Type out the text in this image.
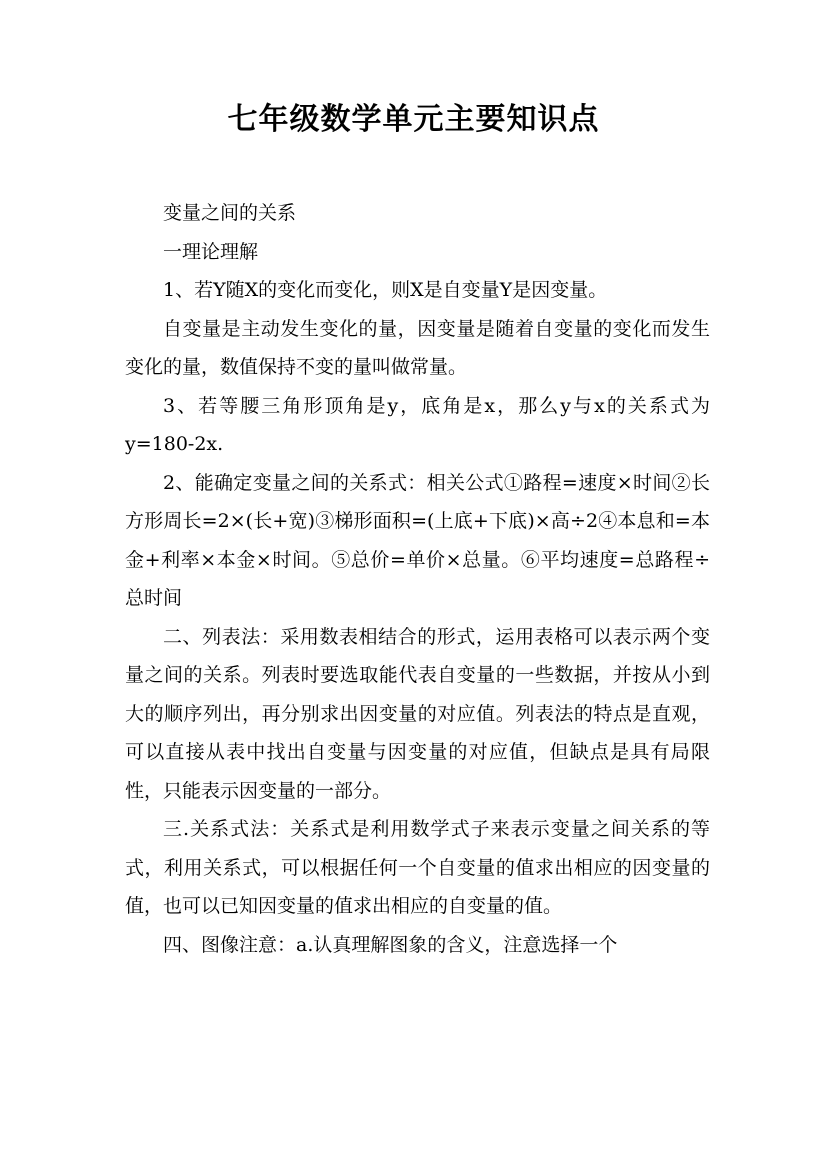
七年级数学单元主要知识点

变量之间的关系

一理论理解

1、若Y随X的变化而变化，则X是自变量Y是因变量。

自变量是主动发生变化的量，因变量是随着自变量的变化而发生变化的量，数值保持不变的量叫做常量。

3、若等腰三角形顶角是y，底角是x，那么y与x的关系式为y=180-2x.

2、能确定变量之间的关系式：相关公式①路程=速度×时间②长方形周长=2×(长+宽)③梯形面积=(上底+下底)×高÷2④本息和=本金+利率×本金×时间。⑤总价=单价×总量。⑥平均速度=总路程÷总时间

二、列表法：采用数表相结合的形式，运用表格可以表示两个变量之间的关系。列表时要选取能代表自变量的一些数据，并按从小到大的顺序列出，再分别求出因变量的对应值。列表法的特点是直观，可以直接从表中找出自变量与因变量的对应值，但缺点是具有局限性，只能表示因变量的一部分。

三.关系式法：关系式是利用数学式子来表示变量之间关系的等式，利用关系式，可以根据任何一个自变量的值求出相应的因变量的值，也可以已知因变量的值求出相应的自变量的值。

四、图像注意：a.认真理解图象的含义，注意选择一个
